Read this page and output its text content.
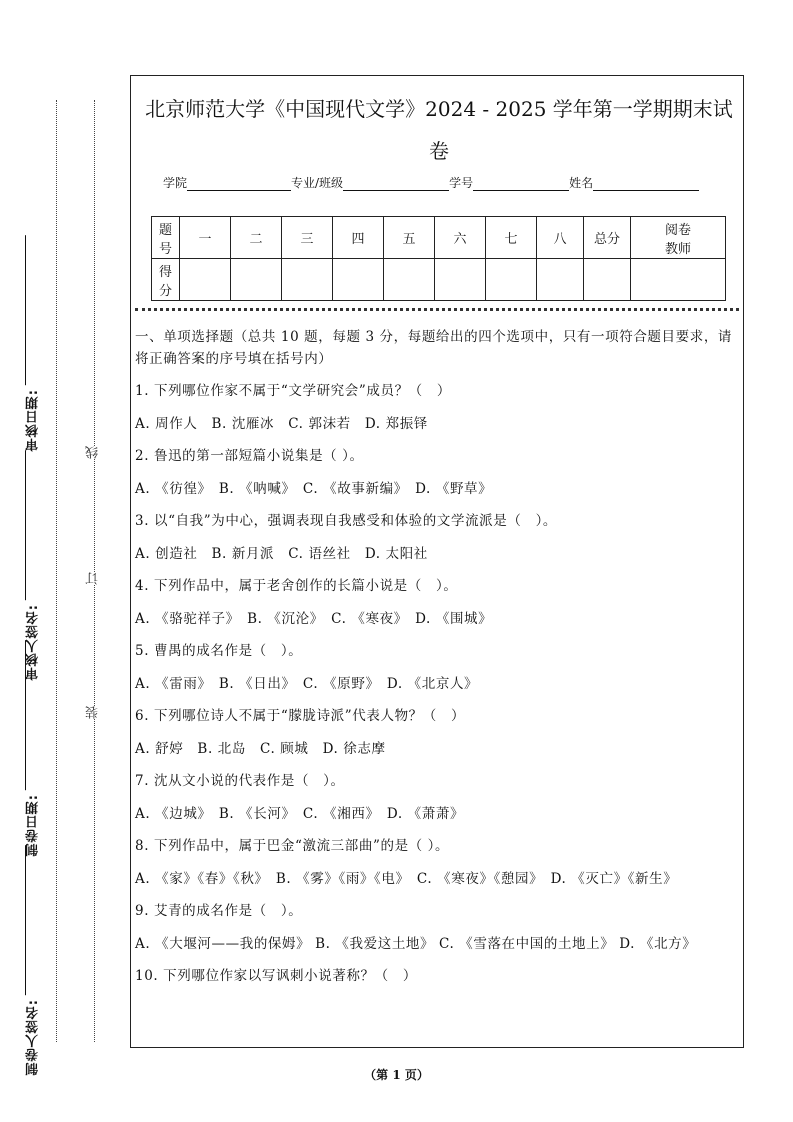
审核日期:
审核人签名:
制卷日期:
制卷人签名:
线
订
装
北京师范大学《中国现代文学》2024 - 2025 学年第一学期期末试卷
学院	专业/班级	学号	姓名
题号	一	二	三	四	五	六	七	八	总分	阅卷教师
得分										

一、单项选择题（总共 10 题，每题 3 分，每题给出的四个选项中，只有一项符合题目要求，请将正确答案的序号填在括号内）

1. 下列哪位作家不属于“文学研究会”成员？（　）

A. 周作人　B. 沈雁冰　C. 郭沫若　D. 郑振铎

2. 鲁迅的第一部短篇小说集是（ ）。

A. 《彷徨》　B. 《呐喊》　C. 《故事新编》　D. 《野草》

3. 以“自我”为中心，强调表现自我感受和体验的文学流派是（　）。

A. 创造社　B. 新月派　C. 语丝社　D. 太阳社

4. 下列作品中，属于老舍创作的长篇小说是（　）。

A. 《骆驼祥子》　B. 《沉沦》　C. 《寒夜》　D. 《围城》

5. 曹禺的成名作是（　）。

A. 《雷雨》　B. 《日出》　C. 《原野》　D. 《北京人》

6. 下列哪位诗人不属于“朦胧诗派”代表人物？（　）

A. 舒婷　B. 北岛　C. 顾城　D. 徐志摩

7. 沈从文小说的代表作是（　）。

A. 《边城》　B. 《长河》　C. 《湘西》　D. 《萧萧》

8. 下列作品中，属于巴金“激流三部曲”的是（ ）。

A. 《家》《春》《秋》　B. 《雾》《雨》《电》　C. 《寒夜》《憩园》　D. 《灭亡》《新生》

9. 艾青的成名作是（　）。

A. 《大堰河——我的保姆》 B. 《我爱这土地》 C. 《雪落在中国的土地上》 D. 《北方》

10. 下列哪位作家以写讽刺小说著称？（　）

（第 1 页）
